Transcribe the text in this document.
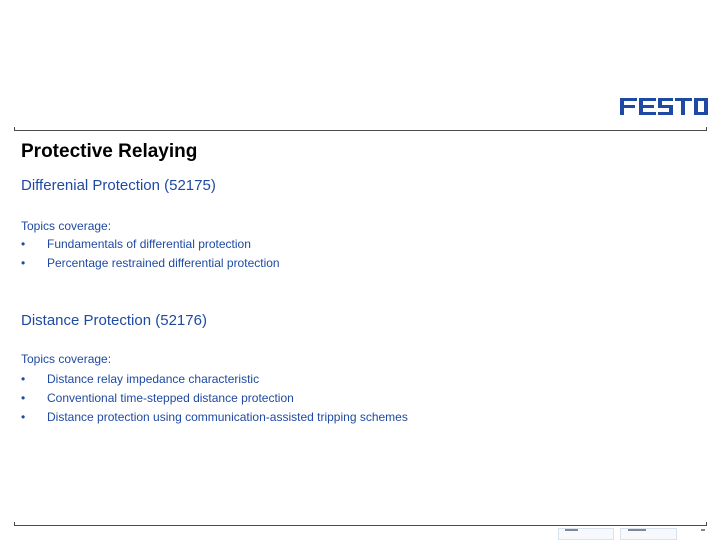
Protective Relaying
Differenial Protection (52175)
Topics coverage:
•	Fundamentals of differential protection
•	Percentage restrained differential protection
Distance Protection (52176)
Topics coverage:
•	Distance relay impedance characteristic
•	Conventional time-stepped distance protection
•	Distance protection using communication-assisted tripping schemes
